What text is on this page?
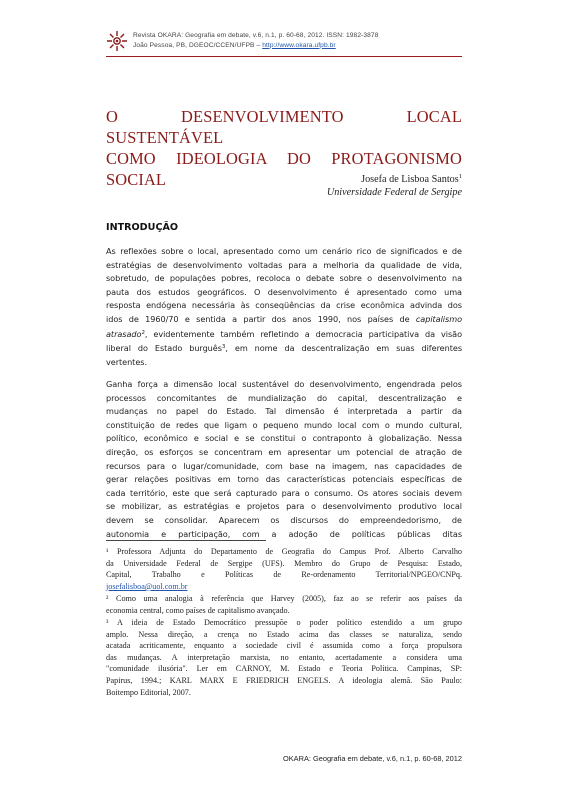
Revista OKARA: Geografia em debate, v.6, n.1, p. 60-68, 2012. ISSN: 1982-3878
João Pessoa, PB, DGEOC/CCEN/UFPB – http://www.okara.ufpb.br
O DESENVOLVIMENTO LOCAL SUSTENTÁVEL
COMO IDEOLOGIA DO PROTAGONISMO SOCIAL	Josefa de Lisboa Santos$^1$
Universidade Federal de Sergipe
INTRODUÇÃO
As reflexões sobre o local, apresentado como um cenário rico de significados e de
estratégias de desenvolvimento voltadas para a melhoria da qualidade de vida,
sobretudo, de populações pobres, recoloca o debate sobre o desenvolvimento na
pauta dos estudos geográficos. O desenvolvimento é apresentado como uma
resposta endógena necessária às conseqüências da crise econômica advinda dos
idos de 1960/70 e sentida a partir dos anos 1990, nos países de capitalismo
atrasado$^2$, evidentemente também refletindo a democracia participativa da visão
liberal do Estado burguês$^3$, em nome da descentralização em suas diferentes
vertentes.
Ganha força a dimensão local sustentável do desenvolvimento, engendrada pelos
processos concomitantes de mundialização do capital, descentralização e
mudanças no papel do Estado. Tal dimensão é interpretada a partir da
constituição de redes que ligam o pequeno mundo local com o mundo cultural,
político, econômico e social e se constitui o contraponto à globalização. Nessa
direção, os esforços se concentram em apresentar um potencial de atração de
recursos para o lugar/comunidade, com base na imagem, nas capacidades de
gerar relações positivas em torno das características potenciais específicas de
cada território, este que será capturado para o consumo. Os atores sociais devem
se mobilizar, as estratégias e projetos para o desenvolvimento produtivo local
devem se consolidar. Aparecem os discursos do empreendedorismo, de
autonomia e participação, com a adoção de políticas públicas ditas
¹ Professora Adjunta do Departamento de Geografia do Campus Prof. Alberto Carvalho
da Universidade Federal de Sergipe (UFS). Membro do Grupo de Pesquisa: Estado,
Capital, Trabalho e Políticas de Re-ordenamento Territorial/NPGEO/CNPq.
josefalisboa@uol.com.br
² Como uma analogia à referência que Harvey (2005), faz ao se referir aos países da
economia central, como países de capitalismo avançado.
³ A ideia de Estado Democrático pressupõe o poder político estendido a um grupo
amplo. Nessa direção, a crença no Estado acima das classes se naturaliza, sendo
acatada acriticamente, enquanto a sociedade civil é assumida como a força propulsora
das mudanças. A interpretação marxista, no entanto, acertadamente a considera uma
"comunidade ilusória". Ler em CARNOY, M. Estado e Teoria Política. Campinas, SP:
Papirus, 1994.; KARL MARX E FRIEDRICH ENGELS. A ideologia alemã. São Paulo:
Boitempo Editorial, 2007.
OKARA: Geografia em debate, v.6, n.1, p. 60-68, 2012
